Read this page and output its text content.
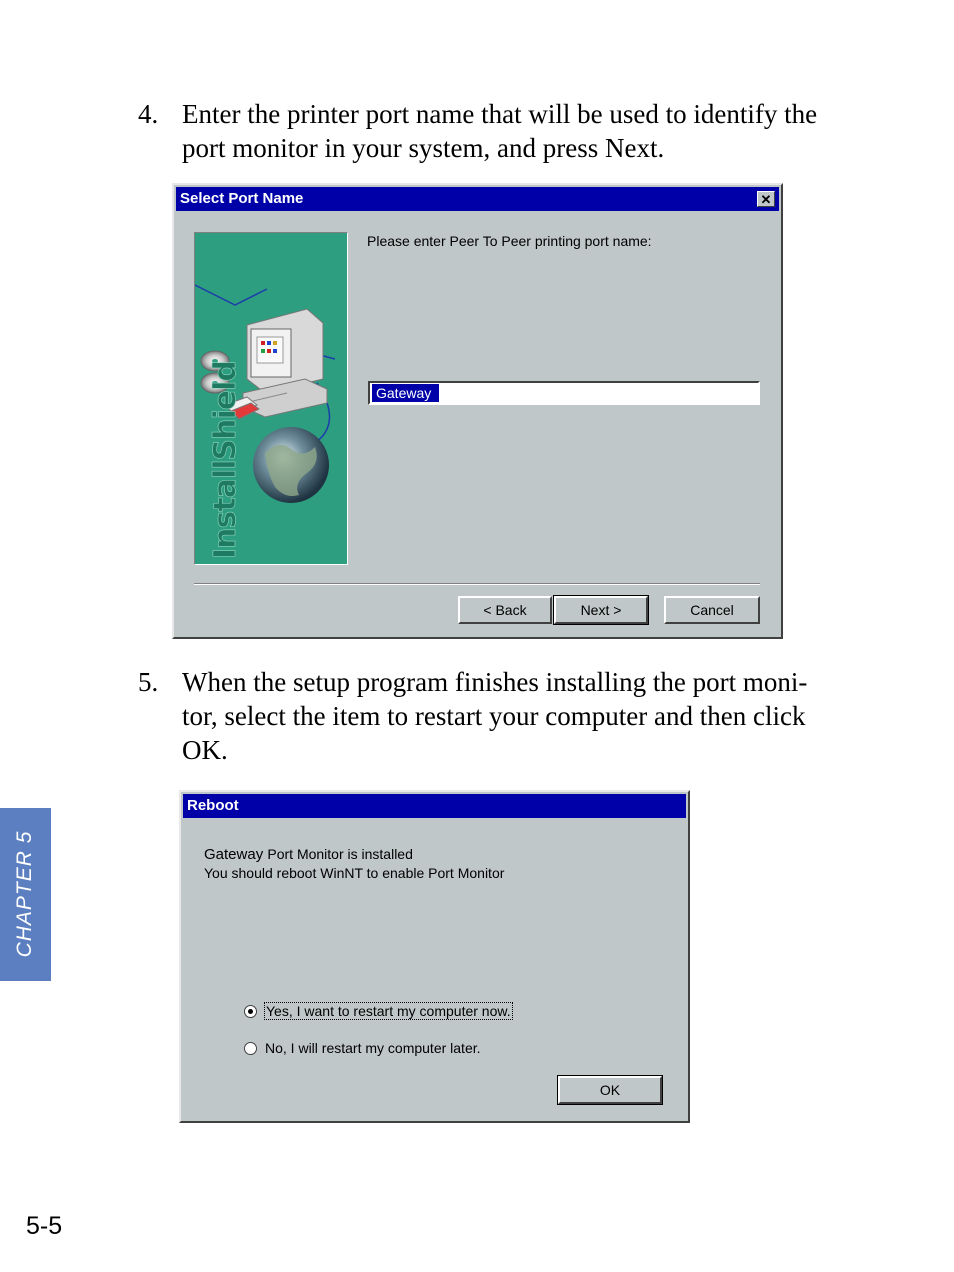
4. Enter the printer port name that will be used to identify the
port monitor in your system, and press Next.
Select Port Name	✕
InstallShield
Please enter Peer To Peer printing port name:
Gateway
< Back	Next >	Cancel
5. When the setup program finishes installing the port moni-
tor, select the item to restart your computer and then click
OK.
Reboot
Gateway Port Monitor is installed
You should reboot WinNT to enable Port Monitor
Yes, I want to restart my computer now.
No, I will restart my computer later.
OK
CHAPTER 5
5-5
